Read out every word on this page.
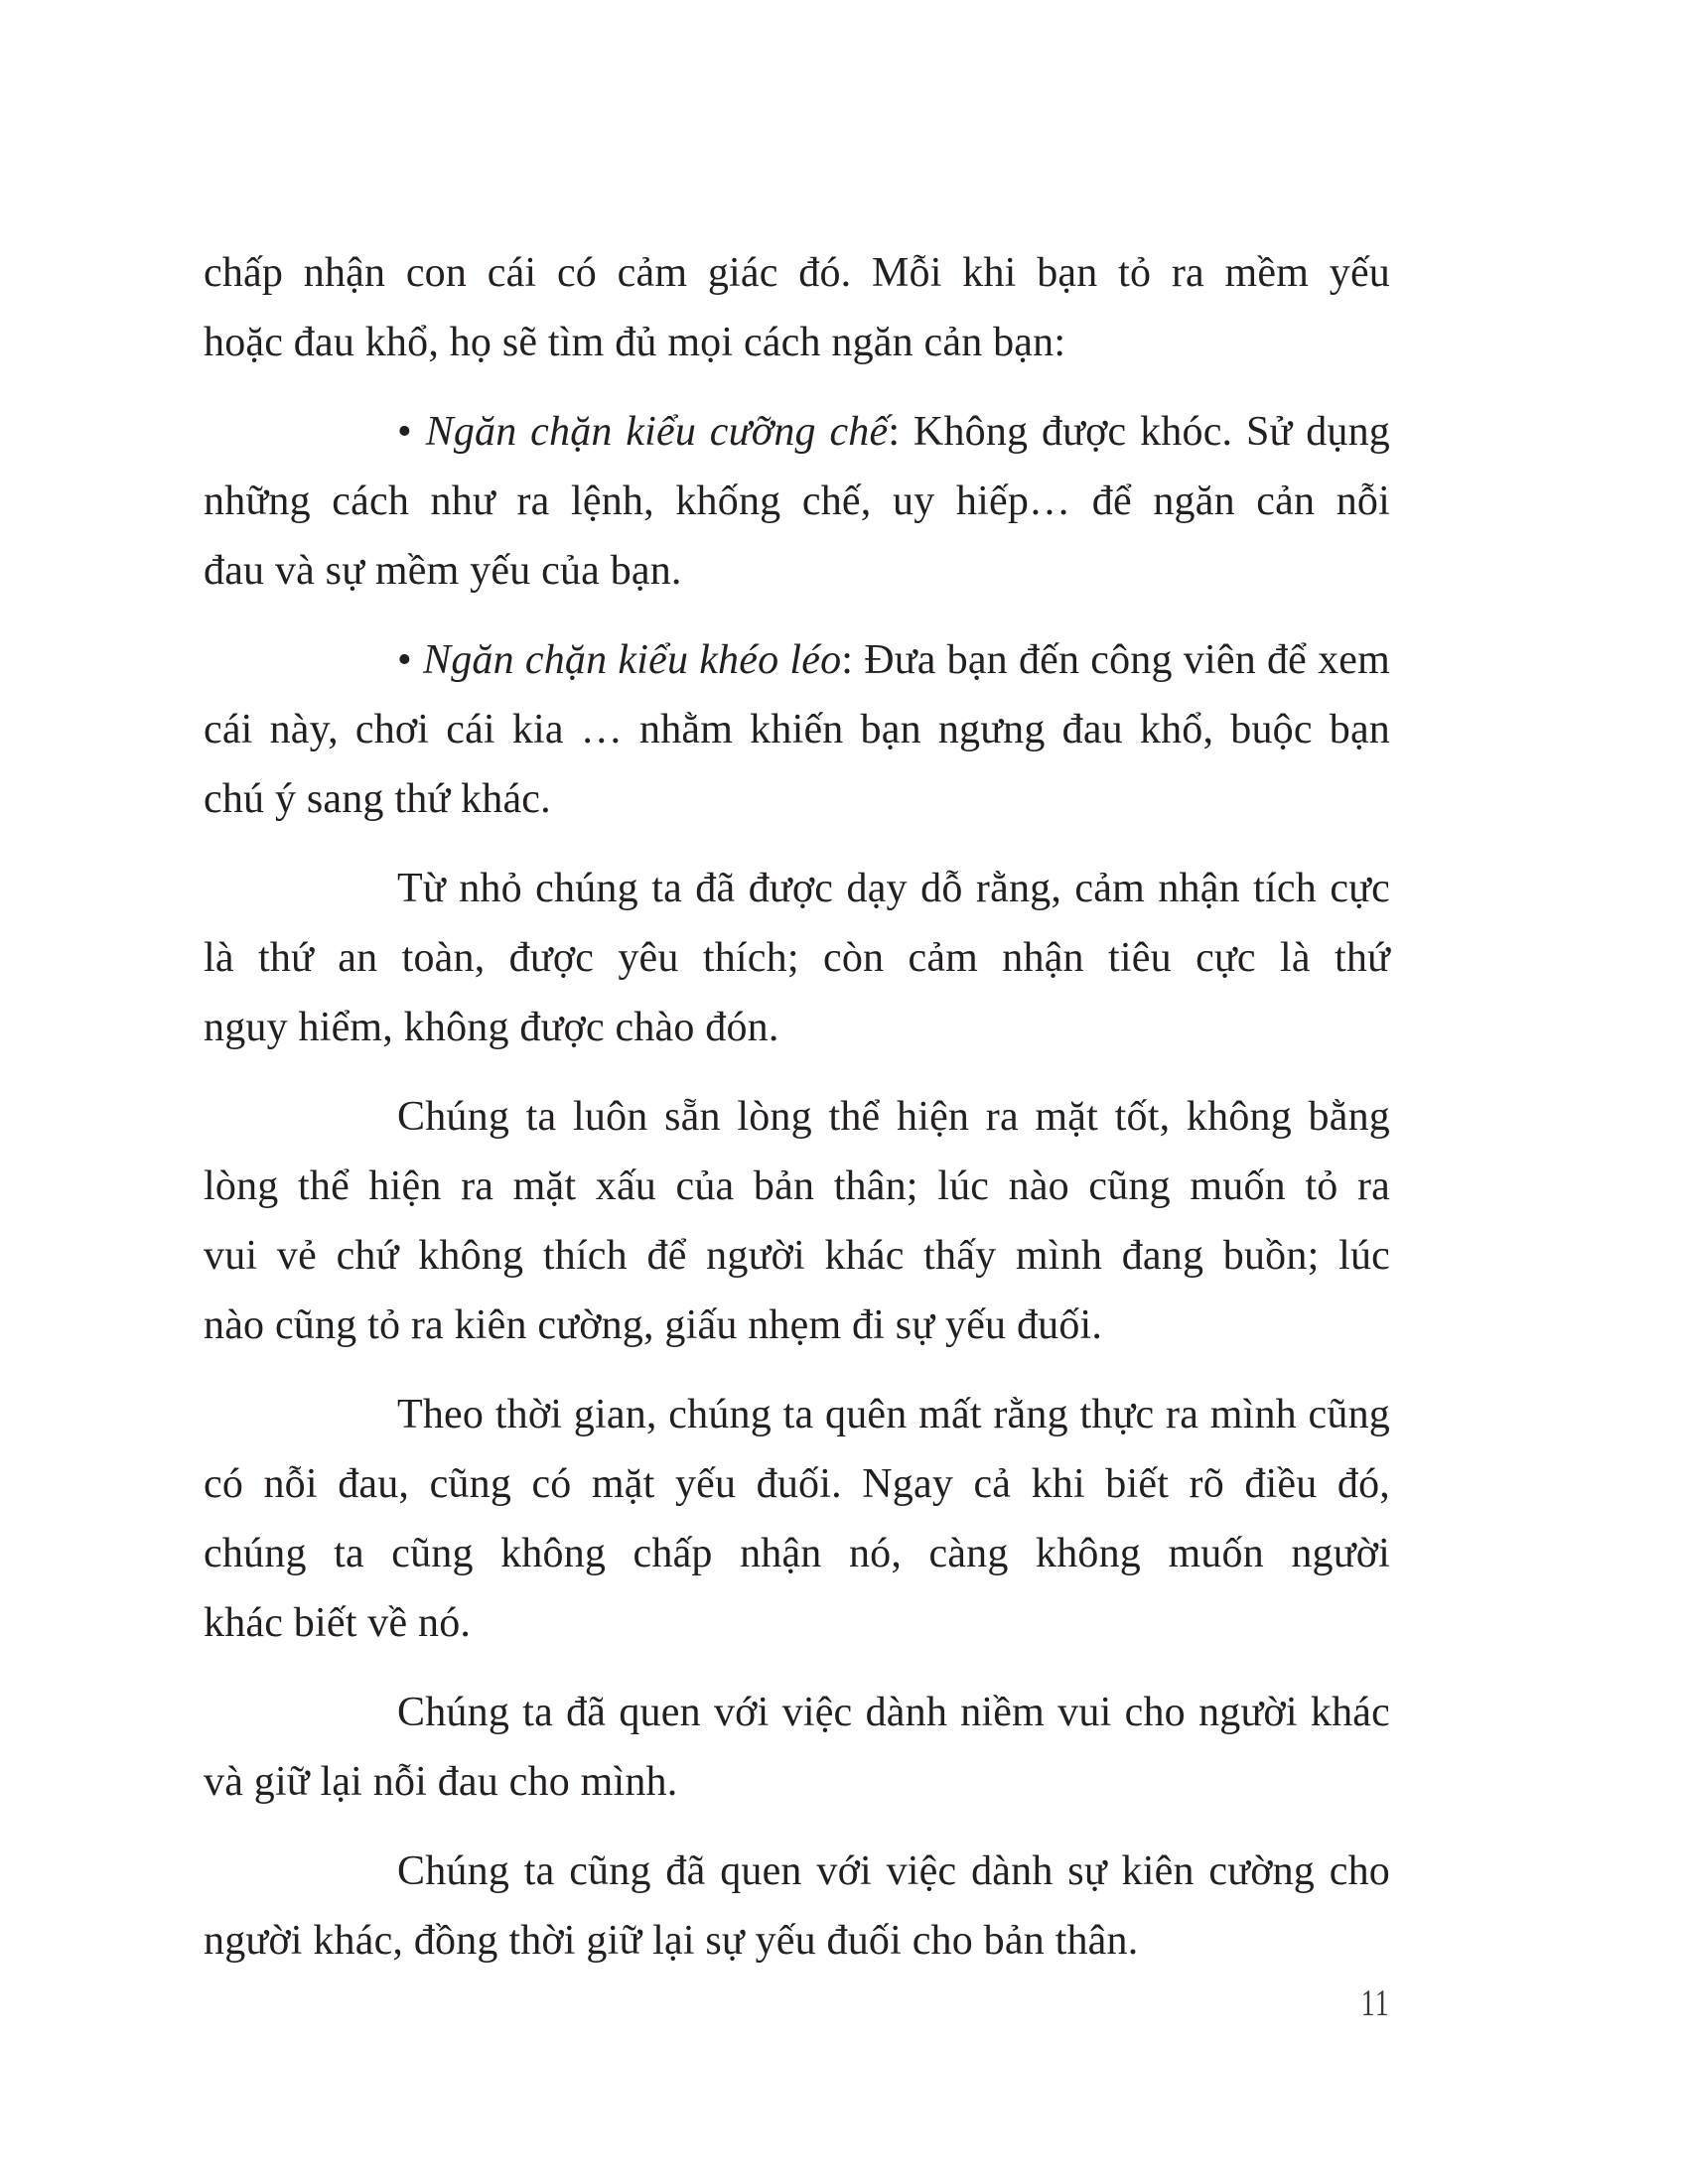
chấp nhận con cái có cảm giác đó. Mỗi khi bạn tỏ ra mềm yếu
hoặc đau khổ, họ sẽ tìm đủ mọi cách ngăn cản bạn:
• Ngăn chặn kiểu cưỡng chế: Không được khóc. Sử dụng
những cách như ra lệnh, khống chế, uy hiếp… để ngăn cản nỗi
đau và sự mềm yếu của bạn.
• Ngăn chặn kiểu khéo léo: Đưa bạn đến công viên để xem
cái này, chơi cái kia … nhằm khiến bạn ngưng đau khổ, buộc bạn
chú ý sang thứ khác.
Từ nhỏ chúng ta đã được dạy dỗ rằng, cảm nhận tích cực
là thứ an toàn, được yêu thích; còn cảm nhận tiêu cực là thứ
nguy hiểm, không được chào đón.
Chúng ta luôn sẵn lòng thể hiện ra mặt tốt, không bằng
lòng thể hiện ra mặt xấu của bản thân; lúc nào cũng muốn tỏ ra
vui vẻ chứ không thích để người khác thấy mình đang buồn; lúc
nào cũng tỏ ra kiên cường, giấu nhẹm đi sự yếu đuối.
Theo thời gian, chúng ta quên mất rằng thực ra mình cũng
có nỗi đau, cũng có mặt yếu đuối. Ngay cả khi biết rõ điều đó,
chúng ta cũng không chấp nhận nó, càng không muốn người
khác biết về nó.
Chúng ta đã quen với việc dành niềm vui cho người khác
và giữ lại nỗi đau cho mình.
Chúng ta cũng đã quen với việc dành sự kiên cường cho
người khác, đồng thời giữ lại sự yếu đuối cho bản thân.
11
